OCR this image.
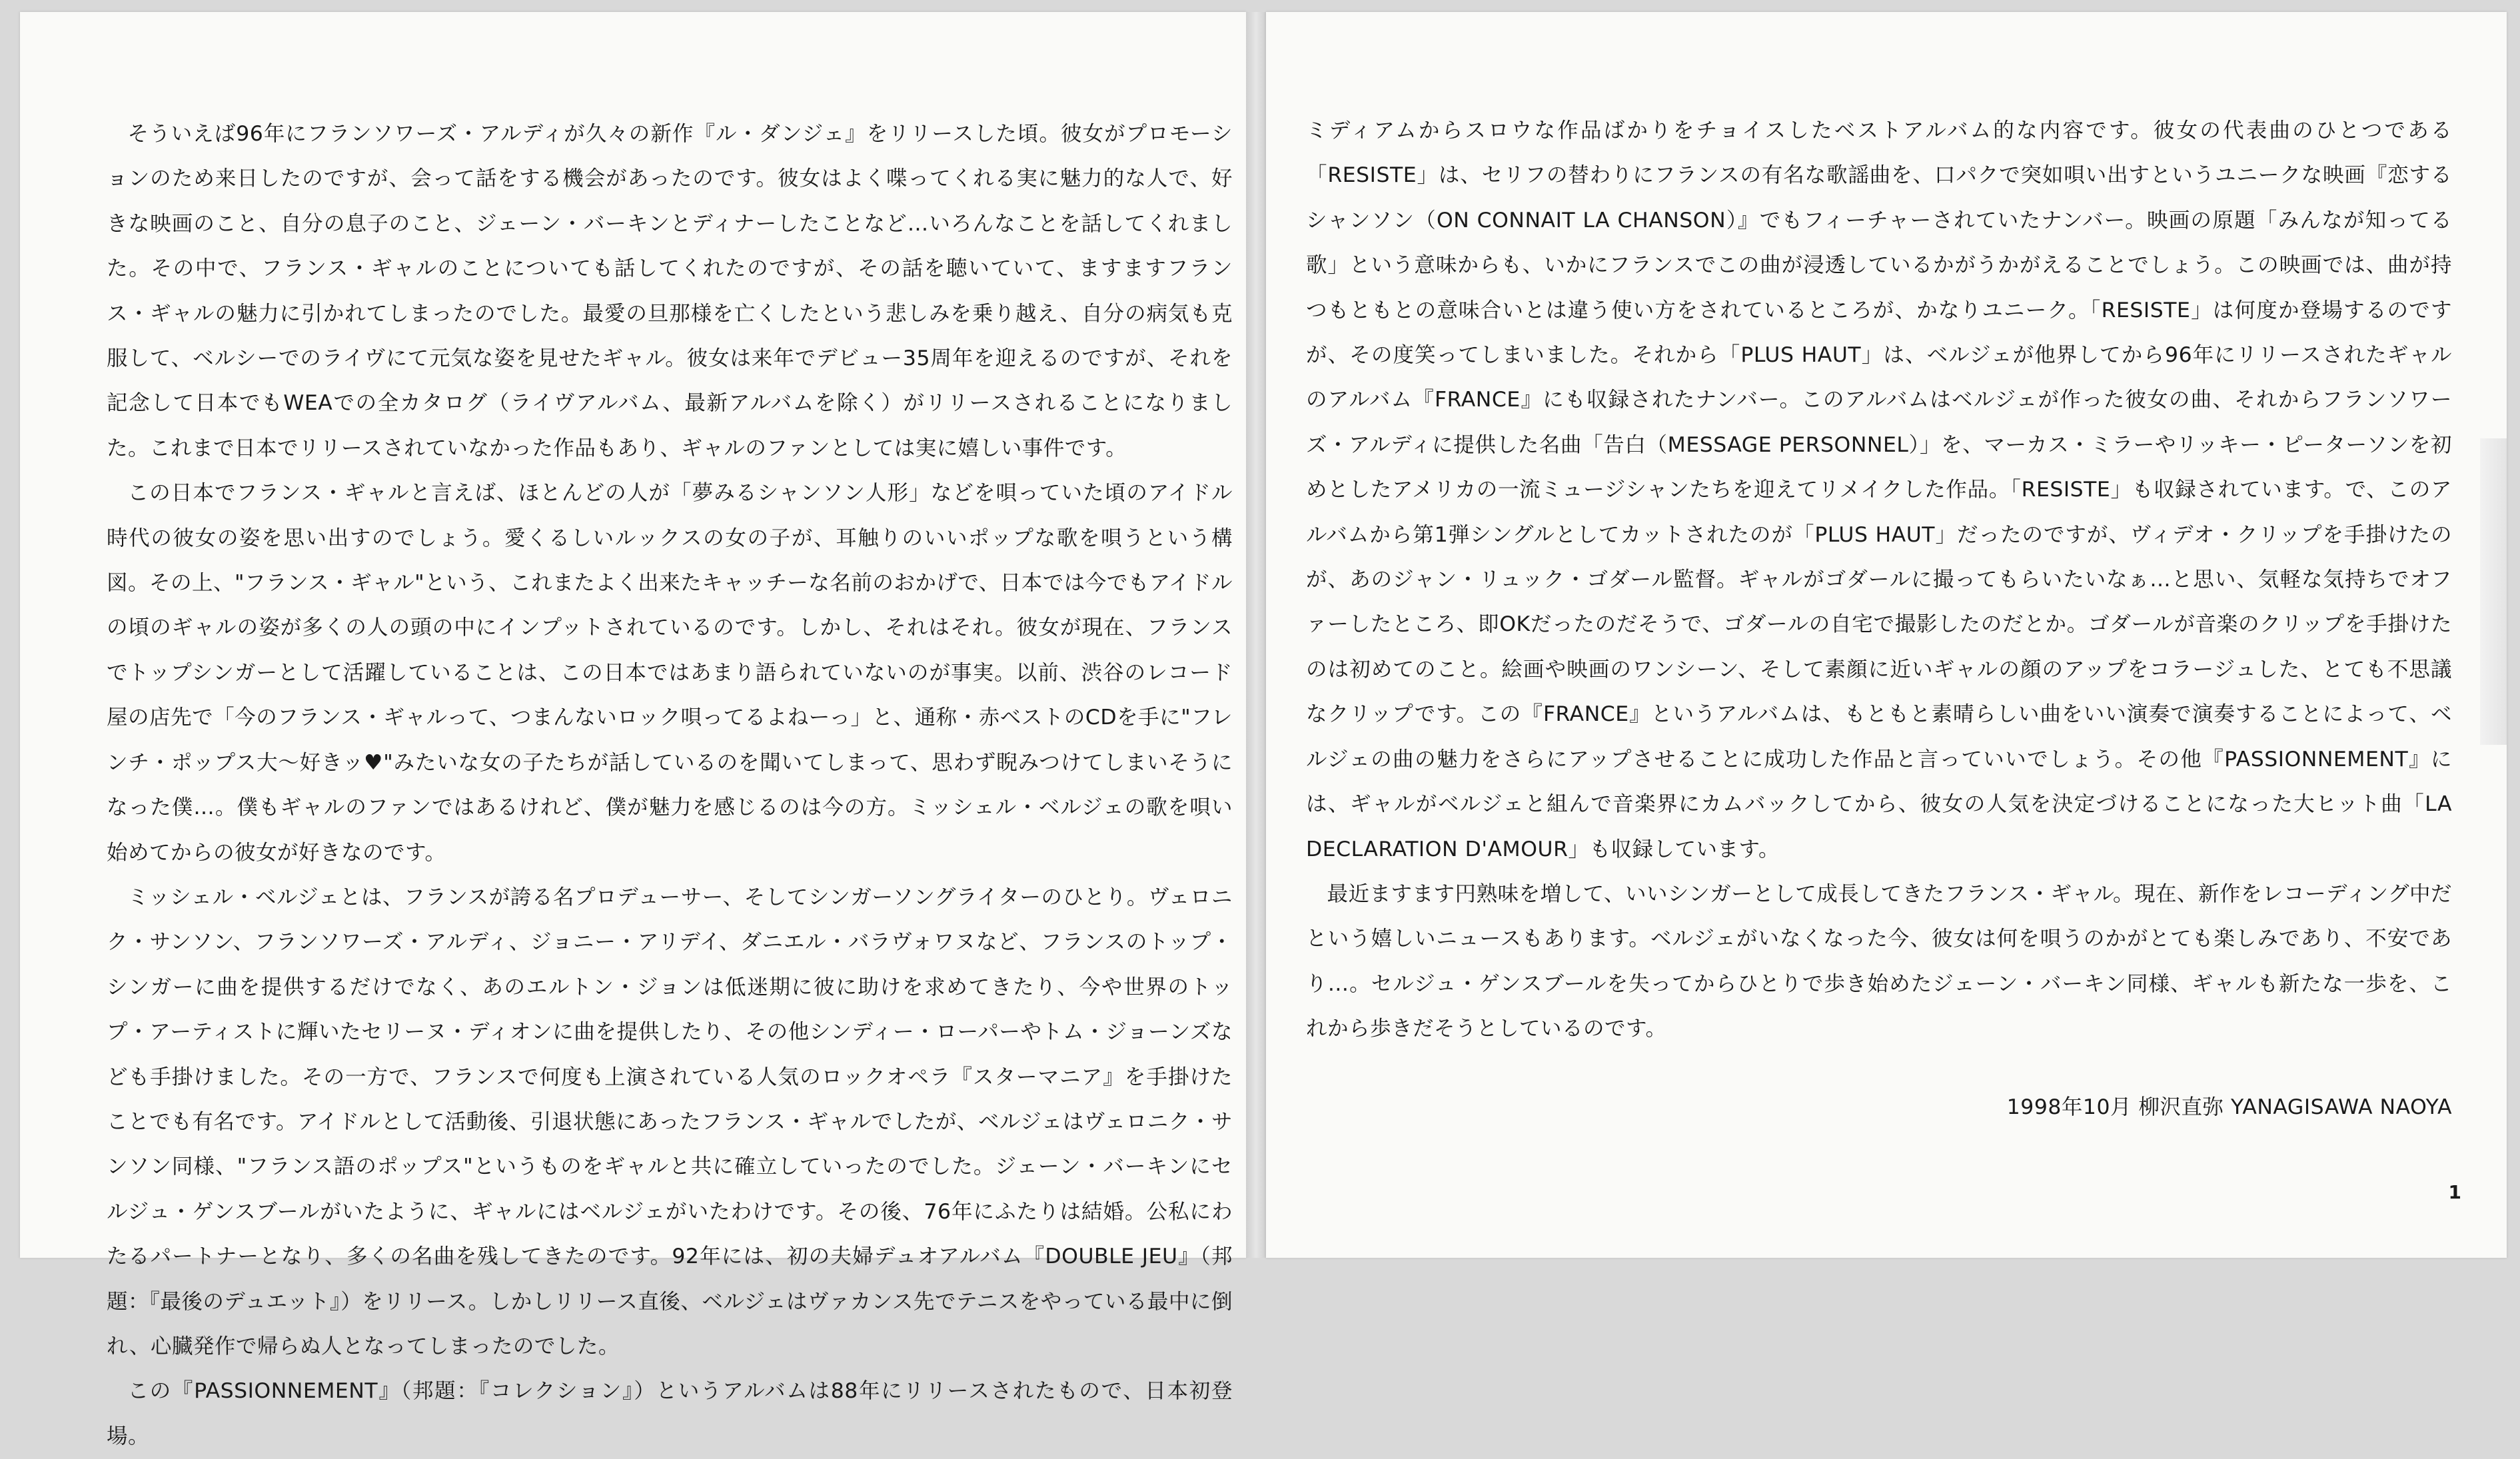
そういえば96年にフランソワーズ・アルディが久々の新作『ル・ダンジェ』をリリースした頃。彼女がプロモーションのため来日したのですが、会って話をする機会があったのです。彼女はよく喋ってくれる実に魅力的な人で、好きな映画のこと、自分の息子のこと、ジェーン・バーキンとディナーしたことなど…いろんなことを話してくれました。その中で、フランス・ギャルのことについても話してくれたのですが、その話を聴いていて、ますますフランス・ギャルの魅力に引かれてしまったのでした。最愛の旦那様を亡くしたという悲しみを乗り越え、自分の病気も克服して、ベルシーでのライヴにて元気な姿を見せたギャル。彼女は来年でデビュー35周年を迎えるのですが、それを記念して日本でもWEAでの全カタログ（ライヴアルバム、最新アルバムを除く）がリリースされることになりました。これまで日本でリリースされていなかった作品もあり、ギャルのファンとしては実に嬉しい事件です。

この日本でフランス・ギャルと言えば、ほとんどの人が「夢みるシャンソン人形」などを唄っていた頃のアイドル時代の彼女の姿を思い出すのでしょう。愛くるしいルックスの女の子が、耳触りのいいポップな歌を唄うという構図。その上、"フランス・ギャル"という、これまたよく出来たキャッチーな名前のおかげで、日本では今でもアイドルの頃のギャルの姿が多くの人の頭の中にインプットされているのです。しかし、それはそれ。彼女が現在、フランスでトップシンガーとして活躍していることは、この日本ではあまり語られていないのが事実。以前、渋谷のレコード屋の店先で「今のフランス・ギャルって、つまんないロック唄ってるよねーっ」と、通称・赤ベストのCDを手に"フレンチ・ポップス大～好きッ♥"みたいな女の子たちが話しているのを聞いてしまって、思わず睨みつけてしまいそうになった僕…。僕もギャルのファンではあるけれど、僕が魅力を感じるのは今の方。ミッシェル・ベルジェの歌を唄い始めてからの彼女が好きなのです。

ミッシェル・ベルジェとは、フランスが誇る名プロデューサー、そしてシンガーソングライターのひとり。ヴェロニク・サンソン、フランソワーズ・アルディ、ジョニー・アリデイ、ダニエル・バラヴォワヌなど、フランスのトップ・シンガーに曲を提供するだけでなく、あのエルトン・ジョンは低迷期に彼に助けを求めてきたり、今や世界のトップ・アーティストに輝いたセリーヌ・ディオンに曲を提供したり、その他シンディー・ローパーやトム・ジョーンズなども手掛けました。その一方で、フランスで何度も上演されている人気のロックオペラ『スターマニア』を手掛けたことでも有名です。アイドルとして活動後、引退状態にあったフランス・ギャルでしたが、ベルジェはヴェロニク・サンソン同様、"フランス語のポップス"というものをギャルと共に確立していったのでした。ジェーン・バーキンにセルジュ・ゲンスブールがいたように、ギャルにはベルジェがいたわけです。その後、76年にふたりは結婚。公私にわたるパートナーとなり、多くの名曲を残してきたのです。92年には、初の夫婦デュオアルバム『DOUBLE JEU』（邦題：『最後のデュエット』）をリリース。しかしリリース直後、ベルジェはヴァカンス先でテニスをやっている最中に倒れ、心臓発作で帰らぬ人となってしまったのでした。

この『PASSIONNEMENT』（邦題：『コレクション』）というアルバムは88年にリリースされたもので、日本初登場。

ミディアムからスロウな作品ばかりをチョイスしたベストアルバム的な内容です。彼女の代表曲のひとつである「RESISTE」は、セリフの替わりにフランスの有名な歌謡曲を、口パクで突如唄い出すというユニークな映画『恋するシャンソン（ON CONNAIT LA CHANSON）』でもフィーチャーされていたナンバー。映画の原題「みんなが知ってる歌」という意味からも、いかにフランスでこの曲が浸透しているかがうかがえることでしょう。この映画では、曲が持つもともとの意味合いとは違う使い方をされているところが、かなりユニーク。「RESISTE」は何度か登場するのですが、その度笑ってしまいました。それから「PLUS HAUT」は、ベルジェが他界してから96年にリリースされたギャルのアルバム『FRANCE』にも収録されたナンバー。このアルバムはベルジェが作った彼女の曲、それからフランソワーズ・アルディに提供した名曲「告白（MESSAGE PERSONNEL）」を、マーカス・ミラーやリッキー・ピーターソンを初めとしたアメリカの一流ミュージシャンたちを迎えてリメイクした作品。「RESISTE」も収録されています。で、このアルバムから第1弾シングルとしてカットされたのが「PLUS HAUT」だったのですが、ヴィデオ・クリップを手掛けたのが、あのジャン・リュック・ゴダール監督。ギャルがゴダールに撮ってもらいたいなぁ…と思い、気軽な気持ちでオファーしたところ、即OKだったのだそうで、ゴダールの自宅で撮影したのだとか。ゴダールが音楽のクリップを手掛けたのは初めてのこと。絵画や映画のワンシーン、そして素顔に近いギャルの顔のアップをコラージュした、とても不思議なクリップです。この『FRANCE』というアルバムは、もともと素晴らしい曲をいい演奏で演奏することによって、ベルジェの曲の魅力をさらにアップさせることに成功した作品と言っていいでしょう。その他『PASSIONNEMENT』には、ギャルがベルジェと組んで音楽界にカムバックしてから、彼女の人気を決定づけることになった大ヒット曲「LA DECLARATION D'AMOUR」も収録しています。

最近ますます円熟味を増して、いいシンガーとして成長してきたフランス・ギャル。現在、新作をレコーディング中だという嬉しいニュースもあります。ベルジェがいなくなった今、彼女は何を唄うのかがとても楽しみであり、不安であり…。セルジュ・ゲンスブールを失ってからひとりで歩き始めたジェーン・バーキン同様、ギャルも新たな一歩を、これから歩きだそうとしているのです。

1998年10月 柳沢直弥 YANAGISAWA NAOYA
1
